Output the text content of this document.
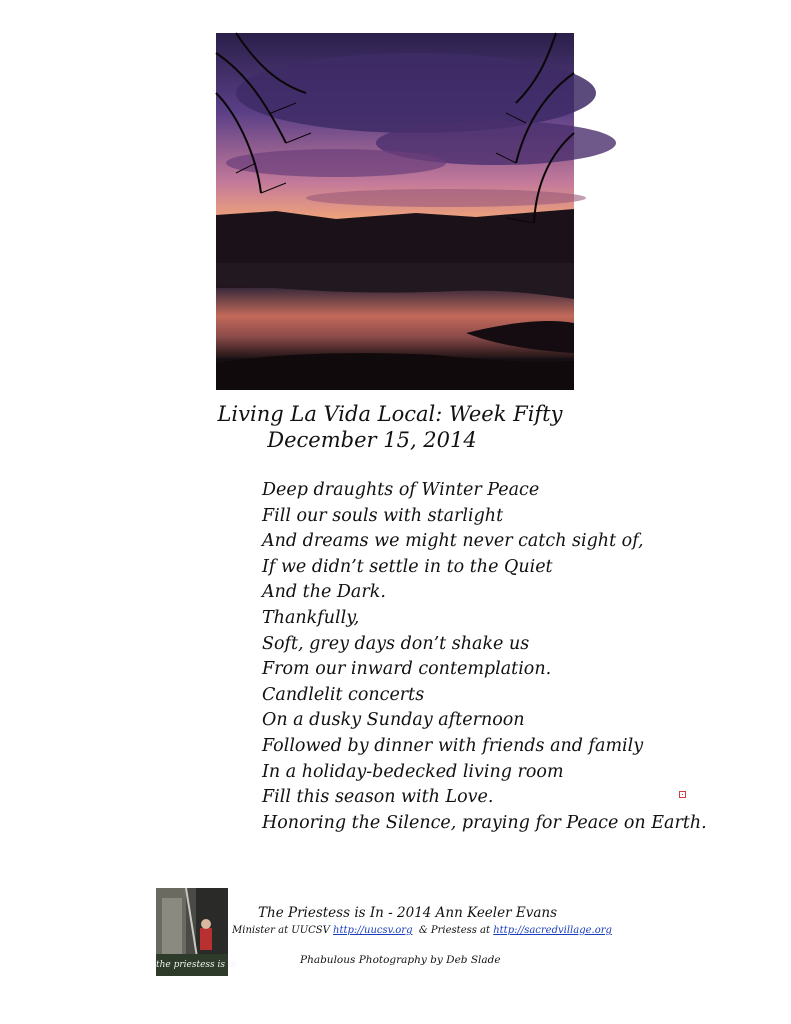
Living La Vida Local: Week Fifty
December 15, 2014
Deep draughts of Winter Peace
Fill our souls with starlight
And dreams we might never catch sight of,
If we didn’t settle in to the Quiet
And the Dark.
Thankfully,
Soft, grey days don’t shake us
From our inward contemplation.
Candlelit concerts
On a dusky Sunday afternoon
Followed by dinner with friends and family
In a holiday-bedecked living room
Fill this season with Love.
Honoring the Silence, praying for Peace on Earth.
the priestess is in
The Priestess is In - 2014 Ann Keeler Evans
Minister at UUCSV http://uucsv.org  & Priestess at http://sacredvillage.org
Phabulous Photography by Deb Slade
